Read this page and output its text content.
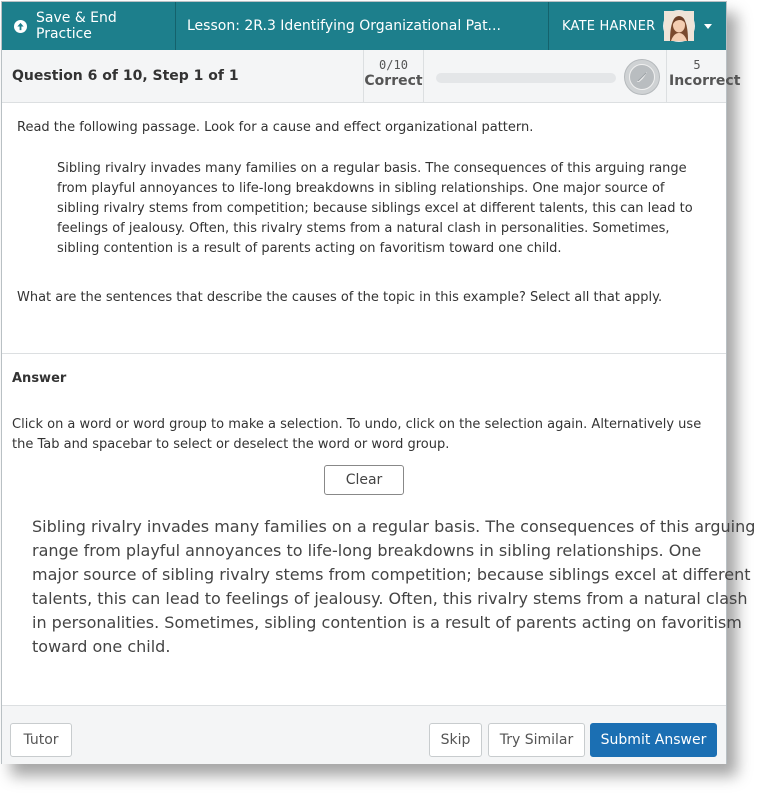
Save & End Practice	Lesson: 2R.3 Identifying Organizational Pat...	KATE HARNER
Question 6 of 10, Step 1 of 1
0/10
Correct
5
Incorrect
Read the following passage. Look for a cause and effect organizational pattern.
Sibling rivalry invades many families on a regular basis. The consequences of this arguing range
from playful annoyances to life-long breakdowns in sibling relationships. One major source of
sibling rivalry stems from competition; because siblings excel at different talents, this can lead to
feelings of jealousy. Often, this rivalry stems from a natural clash in personalities. Sometimes,
sibling contention is a result of parents acting on favoritism toward one child.
What are the sentences that describe the causes of the topic in this example? Select all that apply.
Answer
Click on a word or word group to make a selection. To undo, click on the selection again. Alternatively use
the Tab and spacebar to select or deselect the word or word group.
Clear
Sibling rivalry invades many families on a regular basis. The consequences of this arguing
range from playful annoyances to life-long breakdowns in sibling relationships. One
major source of sibling rivalry stems from competition; because siblings excel at different
talents, this can lead to feelings of jealousy. Often, this rivalry stems from a natural clash
in personalities. Sometimes, sibling contention is a result of parents acting on favoritism
toward one child.
Tutor	Skip	Try Similar	Submit Answer
